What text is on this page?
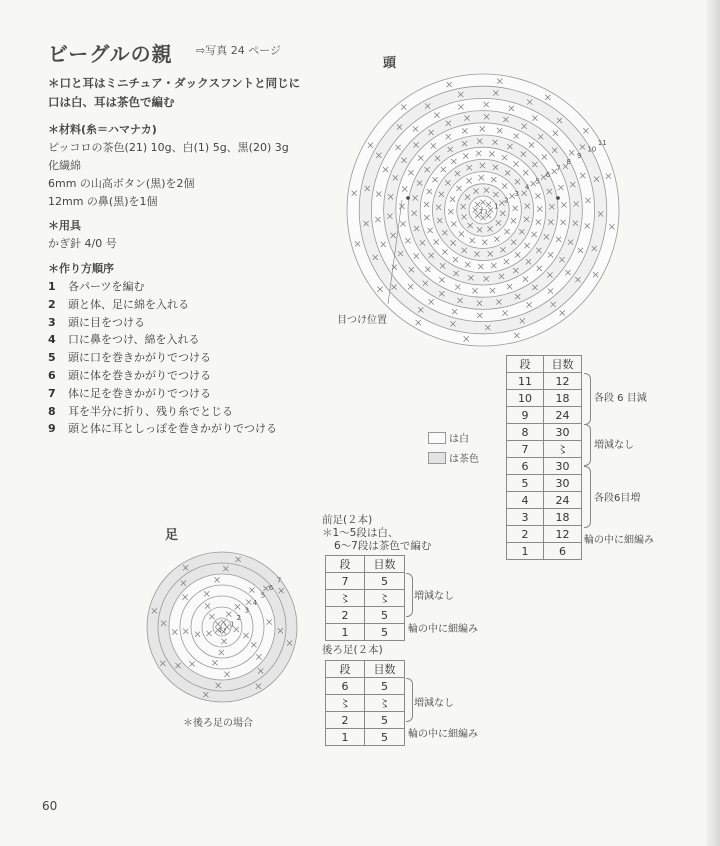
ビーグルの親 ⇨写真 24 ページ
＊口と耳はミニチュア・ダックスフントと同じに
口は白、耳は茶色で編む
＊材料(糸＝ハマナカ)
ピッコロの茶色(21) 10g、白(1) 5g、黒(20) 3g
化繊綿
6mm の山高ボタン(黒)を2個
12mm の鼻(黒)を1個
＊用具
かぎ針 4/0 号
＊作り方順序
1	各パーツを編む
2	頭と体、足に綿を入れる
3	頭に目をつける
4	口に鼻をつけ、綿を入れる
5	頭に口を巻きかがりでつける
6	頭に体を巻きかがりでつける
7	体に足を巻きかがりでつける
8	耳を半分に折り、残り糸でとじる
9	頭と体に耳としっぽを巻きかがりでつける
頭
わ
11
10
9
8
7
6
5
4
3
2
1
目つけ位置
は白
は茶色
段	目数
11	12
10	18
9	24
8	30
7	〻
6	30
5	30
4	24
3	18
2	12
1	6
各段 6 目減
増減なし
各段6目増
輪の中に細編み
足
わ
7
6
5
4
3
2
1
＊後ろ足の場合
前足(２本)
＊1～5段は白、
6～7段は茶色で編む
段	目数
7	5
〻	〻
2	5
1	5
増減なし
輪の中に細編み
後ろ足(２本)
段	目数
6	5
〻	〻
2	5
1	5
増減なし
輪の中に細編み
60
